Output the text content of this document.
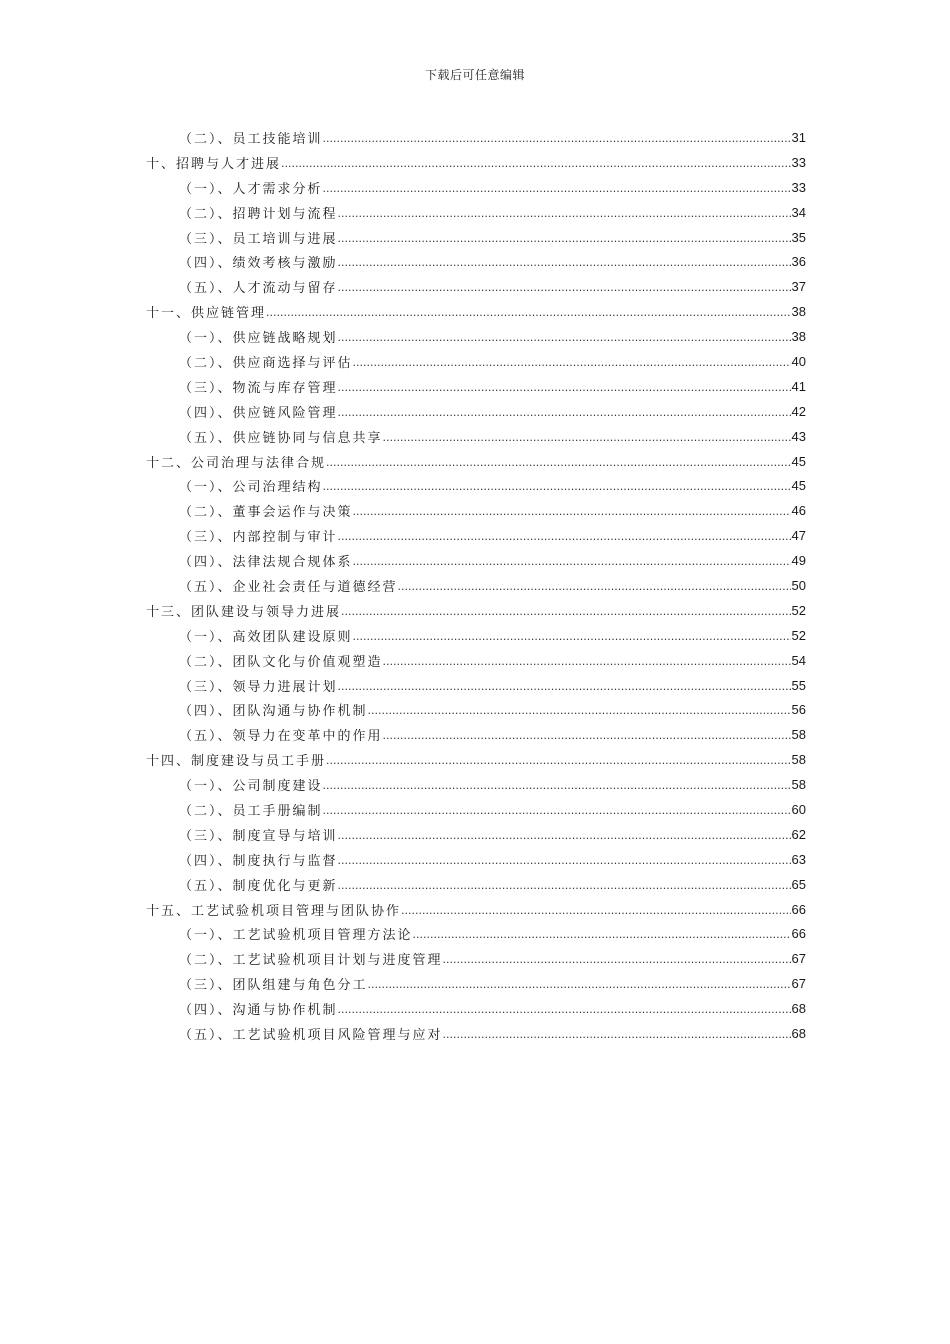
下载后可任意编辑
（二）、员工技能培训 .....	31
十、招聘与人才进展 .....	33
（一）、人才需求分析 .....	33
（二）、招聘计划与流程 .....	34
（三）、员工培训与进展 .....	35
（四）、绩效考核与激励 .....	36
（五）、人才流动与留存 .....	37
十一、供应链管理 .....	38
（一）、供应链战略规划 .....	38
（二）、供应商选择与评估 .....	40
（三）、物流与库存管理 .....	41
（四）、供应链风险管理 .....	42
（五）、供应链协同与信息共享 .....	43
十二、公司治理与法律合规 .....	45
（一）、公司治理结构 .....	45
（二）、董事会运作与决策 .....	46
（三）、内部控制与审计 .....	47
（四）、法律法规合规体系 .....	49
（五）、企业社会责任与道德经营 .....	50
十三、团队建设与领导力进展 .....	52
（一）、高效团队建设原则 .....	52
（二）、团队文化与价值观塑造 .....	54
（三）、领导力进展计划 .....	55
（四）、团队沟通与协作机制 .....	56
（五）、领导力在变革中的作用 .....	58
十四、制度建设与员工手册 .....	58
（一）、公司制度建设 .....	58
（二）、员工手册编制 .....	60
（三）、制度宣导与培训 .....	62
（四）、制度执行与监督 .....	63
（五）、制度优化与更新 .....	65
十五、工艺试验机项目管理与团队协作 .....	66
（一）、工艺试验机项目管理方法论 .....	66
（二）、工艺试验机项目计划与进度管理 .....	67
（三）、团队组建与角色分工 .....	67
（四）、沟通与协作机制 .....	68
（五）、工艺试验机项目风险管理与应对 .....	68
